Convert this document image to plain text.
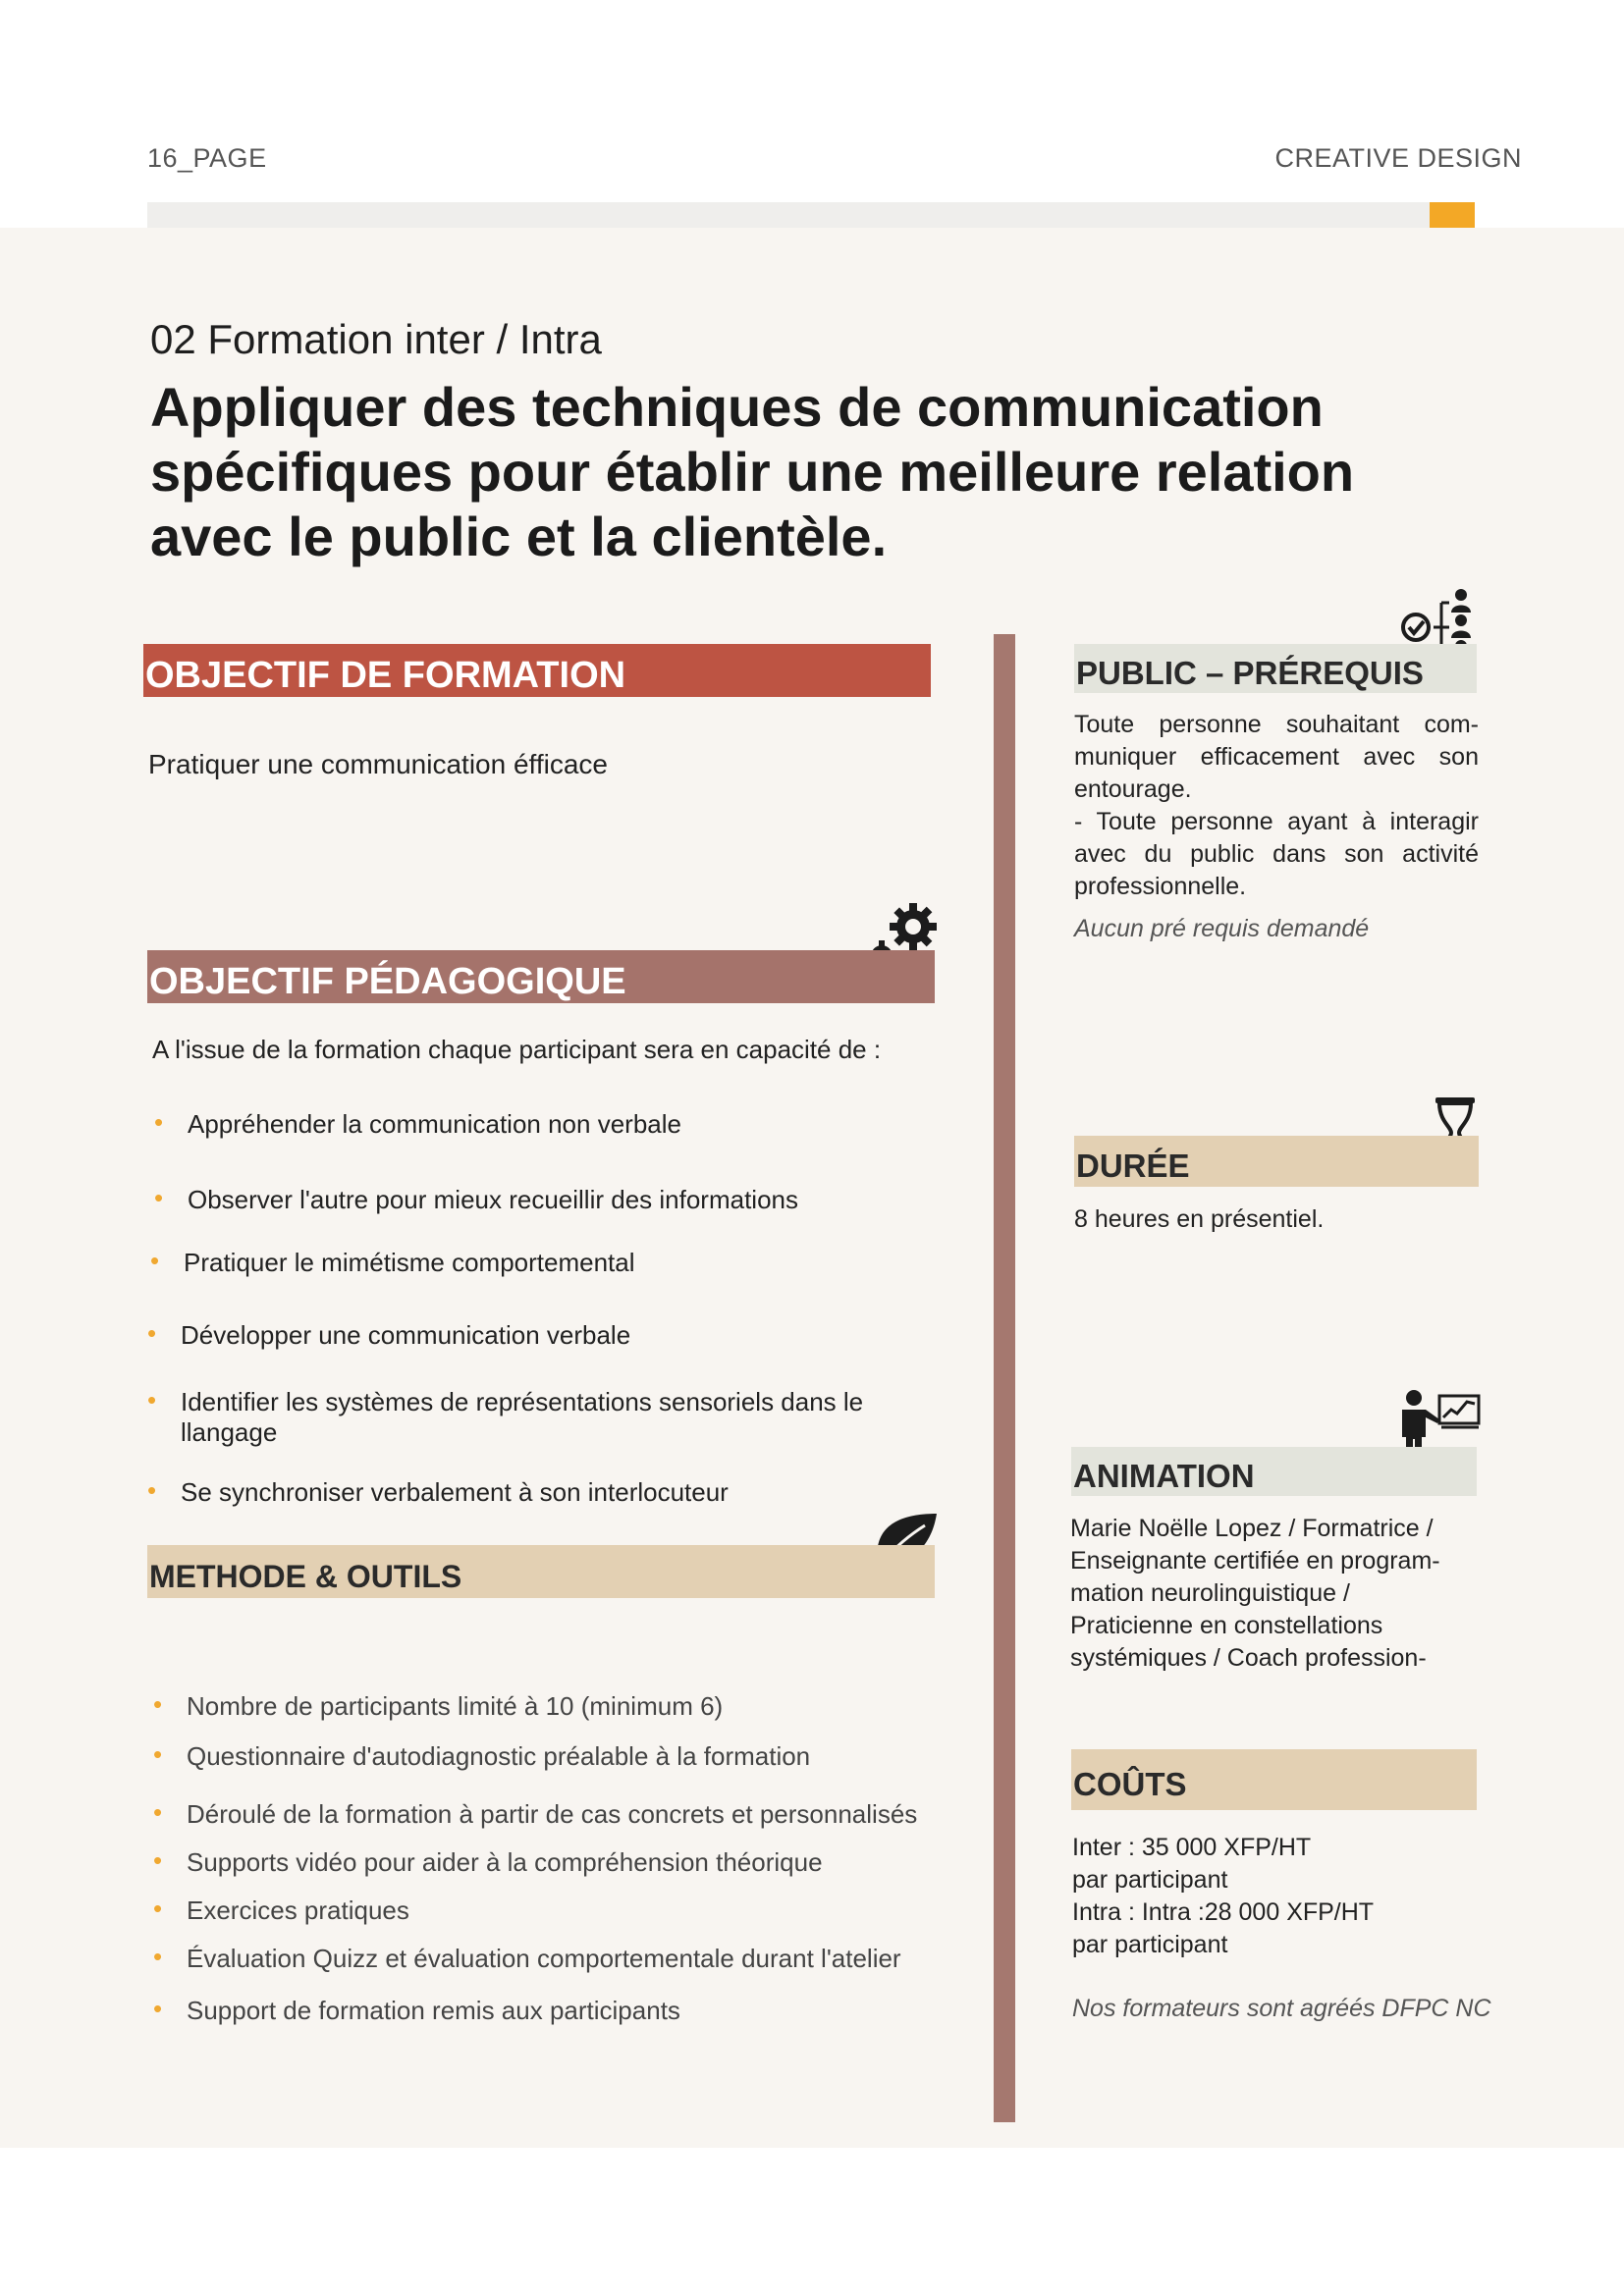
16_PAGE	CREATIVE DESIGN
02 Formation inter / Intra
Appliquer des techniques de communication spécifiques pour établir une meilleure relation avec le public et la clientèle.
OBJECTIF DE FORMATION
Pratiquer une communication éfficace
OBJECTIF PÉDAGOGIQUE
A l'issue de la formation chaque participant sera en capacité de :
• Appréhender la communication non verbale
• Observer l'autre pour mieux recueillir des informations
• Pratiquer le mimétisme comportemental
• Développer une communication verbale
• Identifier les systèmes de représentations sensoriels dans le llangage
• Se synchroniser verbalement à son interlocuteur
METHODE & OUTILS
• Nombre de participants limité à 10 (minimum 6)
• Questionnaire d'autodiagnostic préalable à la formation
• Déroulé de la formation à partir de cas concrets et personnalisés
• Supports vidéo pour aider à la compréhension théorique
• Exercices pratiques
• Évaluation Quizz et évaluation comportementale durant l'atelier
• Support de formation remis aux participants
PUBLIC – PRÉREQUIS

Toute personne souhaitant com-muniquer efficacement avec son entourage.

- Toute personne ayant à interagir avec du public dans son activité professionnelle.

Aucun pré requis demandé

DURÉE
8 heures en présentiel.
ANIMATION
Marie Noëlle Lopez / Formatrice /
Enseignante certifiée en program-
mation neurolinguistique /
Praticienne en constellations
systémiques / Coach profession-
COÛTS
Inter : 35 000 XFP/HT
par participant
Intra : Intra :28 000 XFP/HT
par participant
Nos formateurs sont agréés DFPC NC
